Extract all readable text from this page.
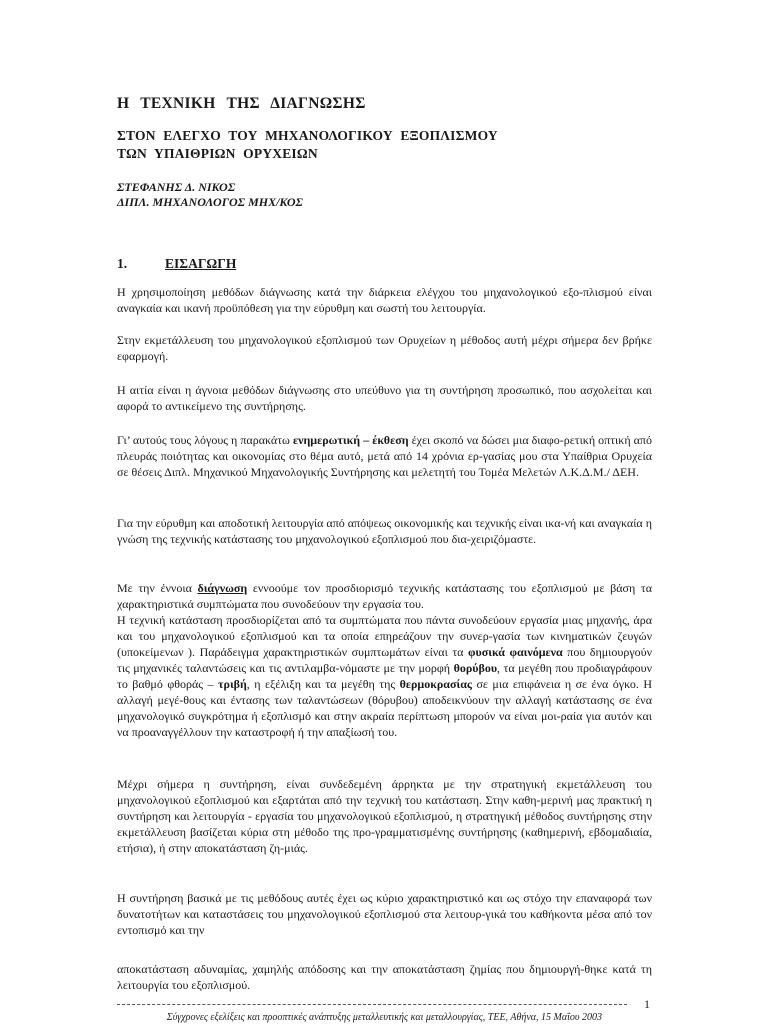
Η ΤΕΧΝΙΚΗ ΤΗΣ ΔΙΑΓΝΩΣΗΣ
ΣΤΟΝ ΕΛΕΓΧΟ ΤΟΥ ΜΗΧΑΝΟΛΟΓΙΚΟΥ ΕΞΟΠΛΙΣΜΟΥ
ΤΩΝ ΥΠΑΙΘΡΙΩΝ ΟΡΥΧΕΙΩΝ
ΣΤΕΦΑΝΗΣ Δ. ΝΙΚΟΣ
ΔΙΠΛ. ΜΗΧΑΝΟΛΟΓΟΣ ΜΗΧ/ΚΟΣ
1.	ΕΙΣΑΓΩΓΗ

Η χρησιμοποίηση μεθόδων διάγνωσης κατά την διάρκεια ελέγχου του μηχανολογικού εξο-πλισμού είναι αναγκαία και ικανή προϋπόθεση για την εύρυθμη και σωστή του λειτουργία.

Στην εκμετάλλευση του μηχανολογικού εξοπλισμού των Ορυχείων η μέθοδος αυτή μέχρι σήμερα δεν βρήκε εφαρμογή.

Η αιτία είναι η άγνοια μεθόδων διάγνωσης στο υπεύθυνο για τη συντήρηση προσωπικό, που ασχολείται και αφορά το αντικείμενο της συντήρησης.

Γι’ αυτούς τους λόγους η παρακάτω ενημερωτική – έκθεση έχει σκοπό να δώσει μια διαφο-ρετική οπτική από πλευράς ποιότητας και οικονομίας στο θέμα αυτό, μετά από 14 χρόνια ερ-γασίας μου στα Υπαίθρια Ορυχεία σε θέσεις Διπλ. Μηχανικού Μηχανολογικής Συντήρησης και μελετητή του Τομέα Μελετών Λ.Κ.Δ.Μ./ ΔΕΗ.

Για την εύρυθμη και αποδοτική λειτουργία από απόψεως οικονομικής και τεχνικής είναι ικα-νή και αναγκαία η γνώση της τεχνικής κατάστασης του μηχανολογικού εξοπλισμού που δια-χειριζόμαστε.

Με την έννοια διάγνωση εννοούμε τον προσδιορισμό τεχνικής κατάστασης του εξοπλισμού με βάση τα χαρακτηριστικά συμπτώματα που συνοδεύουν την εργασία του.
Η τεχνική κατάσταση προσδιορίζεται από τα συμπτώματα που πάντα συνοδεύουν εργασία μιας μηχανής, άρα και του μηχανολογικού εξοπλισμού και τα οποία επηρεάζουν την συνερ-γασία των κινηματικών ζευγών (υποκείμενων ). Παράδειγμα χαρακτηριστικών συμπτωμάτων είναι τα φυσικά φαινόμενα που δημιουργούν τις μηχανικές ταλαντώσεις και τις αντιλαμβα-νόμαστε με την μορφή θορύβου, τα μεγέθη που προδιαγράφουν το βαθμό φθοράς – τριβή, η εξέλιξη και τα μεγέθη της θερμοκρασίας σε μια επιφάνεια η σε ένα όγκο. Η αλλαγή μεγέ-θους και έντασης των ταλαντώσεων (θόρυβου) αποδεικνύουν την αλλαγή κατάστασης σε ένα μηχανολογικό συγκρότημα ή εξοπλισμό και στην ακραία περίπτωση μπορούν να είναι μοι-ραία για αυτόν και να προαναγγέλλουν την καταστροφή ή την απαξίωσή του.

Μέχρι σήμερα η συντήρηση, είναι συνδεδεμένη άρρηκτα με την στρατηγική εκμετάλλευση του μηχανολογικού εξοπλισμού και εξαρτάται από την τεχνική του κατάσταση. Στην καθη-μερινή μας πρακτική η συντήρηση και λειτουργία - εργασία του μηχανολογικού εξοπλισμού, η στρατηγική μέθοδος συντήρησης στην εκμετάλλευση βασίζεται κύρια στη μέθοδο της προ-γραμματισμένης συντήρησης (καθημερινή, εβδομαδιαία, ετήσια), ή στην αποκατάσταση ζη-μιάς.

Η συντήρηση βασικά με τις μεθόδους αυτές έχει ως κύριο χαρακτηριστικό και ως στόχο την επαναφορά των δυνατοτήτων και καταστάσεις του μηχανολογικού εξοπλισμού στα λειτουρ-γικά του καθήκοντα μέσα από τον εντοπισμό και την

αποκατάσταση αδυναμίας, χαμηλής απόδοσης και την αποκατάσταση ζημίας που δημιουργή-θηκε κατά τη λειτουργία του εξοπλισμού.

1
Σύγχρονες εξελίξεις και προοπτικές ανάπτυξης μεταλλευτικής και μεταλλουργίας, ΤΕΕ, Αθήνα, 15 Μαΐου 2003
